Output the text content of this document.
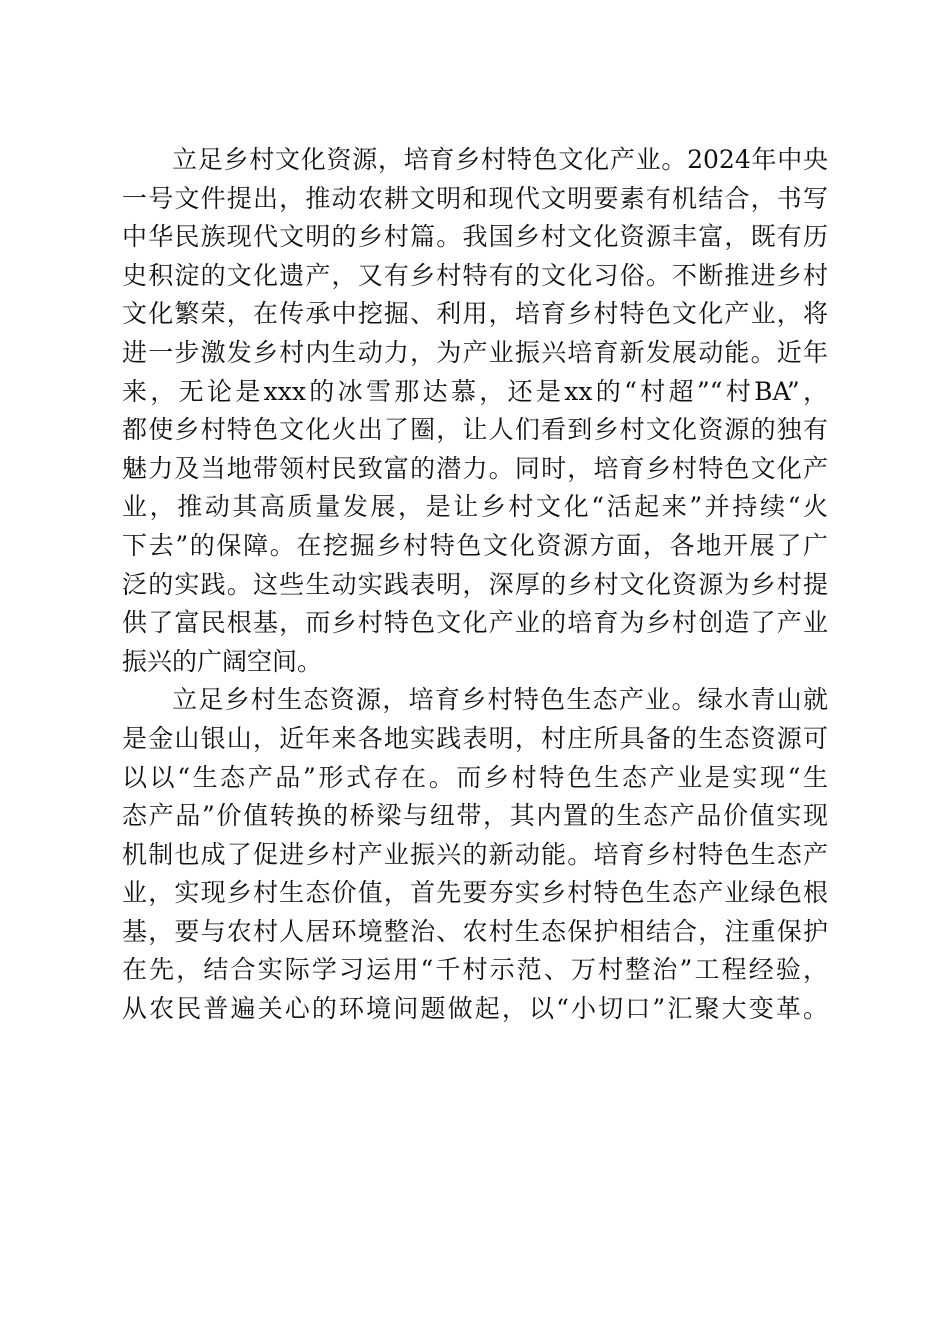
立足乡村文化资源，培育乡村特色文化产业。2024年中央
一号文件提出，推动农耕文明和现代文明要素有机结合，书写
中华民族现代文明的乡村篇。我国乡村文化资源丰富，既有历
史积淀的文化遗产，又有乡村特有的文化习俗。不断推进乡村
文化繁荣，在传承中挖掘、利用，培育乡村特色文化产业，将
进一步激发乡村内生动力，为产业振兴培育新发展动能。近年
来，无论是xxx的冰雪那达慕，还是xx的“村超”“村BA”，
都使乡村特色文化火出了圈，让人们看到乡村文化资源的独有
魅力及当地带领村民致富的潜力。同时，培育乡村特色文化产
业，推动其高质量发展，是让乡村文化“活起来”并持续“火
下去”的保障。在挖掘乡村特色文化资源方面，各地开展了广
泛的实践。这些生动实践表明，深厚的乡村文化资源为乡村提
供了富民根基，而乡村特色文化产业的培育为乡村创造了产业
振兴的广阔空间。
立足乡村生态资源，培育乡村特色生态产业。绿水青山就
是金山银山，近年来各地实践表明，村庄所具备的生态资源可
以以“生态产品”形式存在。而乡村特色生态产业是实现“生
态产品”价值转换的桥梁与纽带，其内置的生态产品价值实现
机制也成了促进乡村产业振兴的新动能。培育乡村特色生态产
业，实现乡村生态价值，首先要夯实乡村特色生态产业绿色根
基，要与农村人居环境整治、农村生态保护相结合，注重保护
在先，结合实际学习运用“千村示范、万村整治”工程经验，
从农民普遍关心的环境问题做起，以“小切口”汇聚大变革。
